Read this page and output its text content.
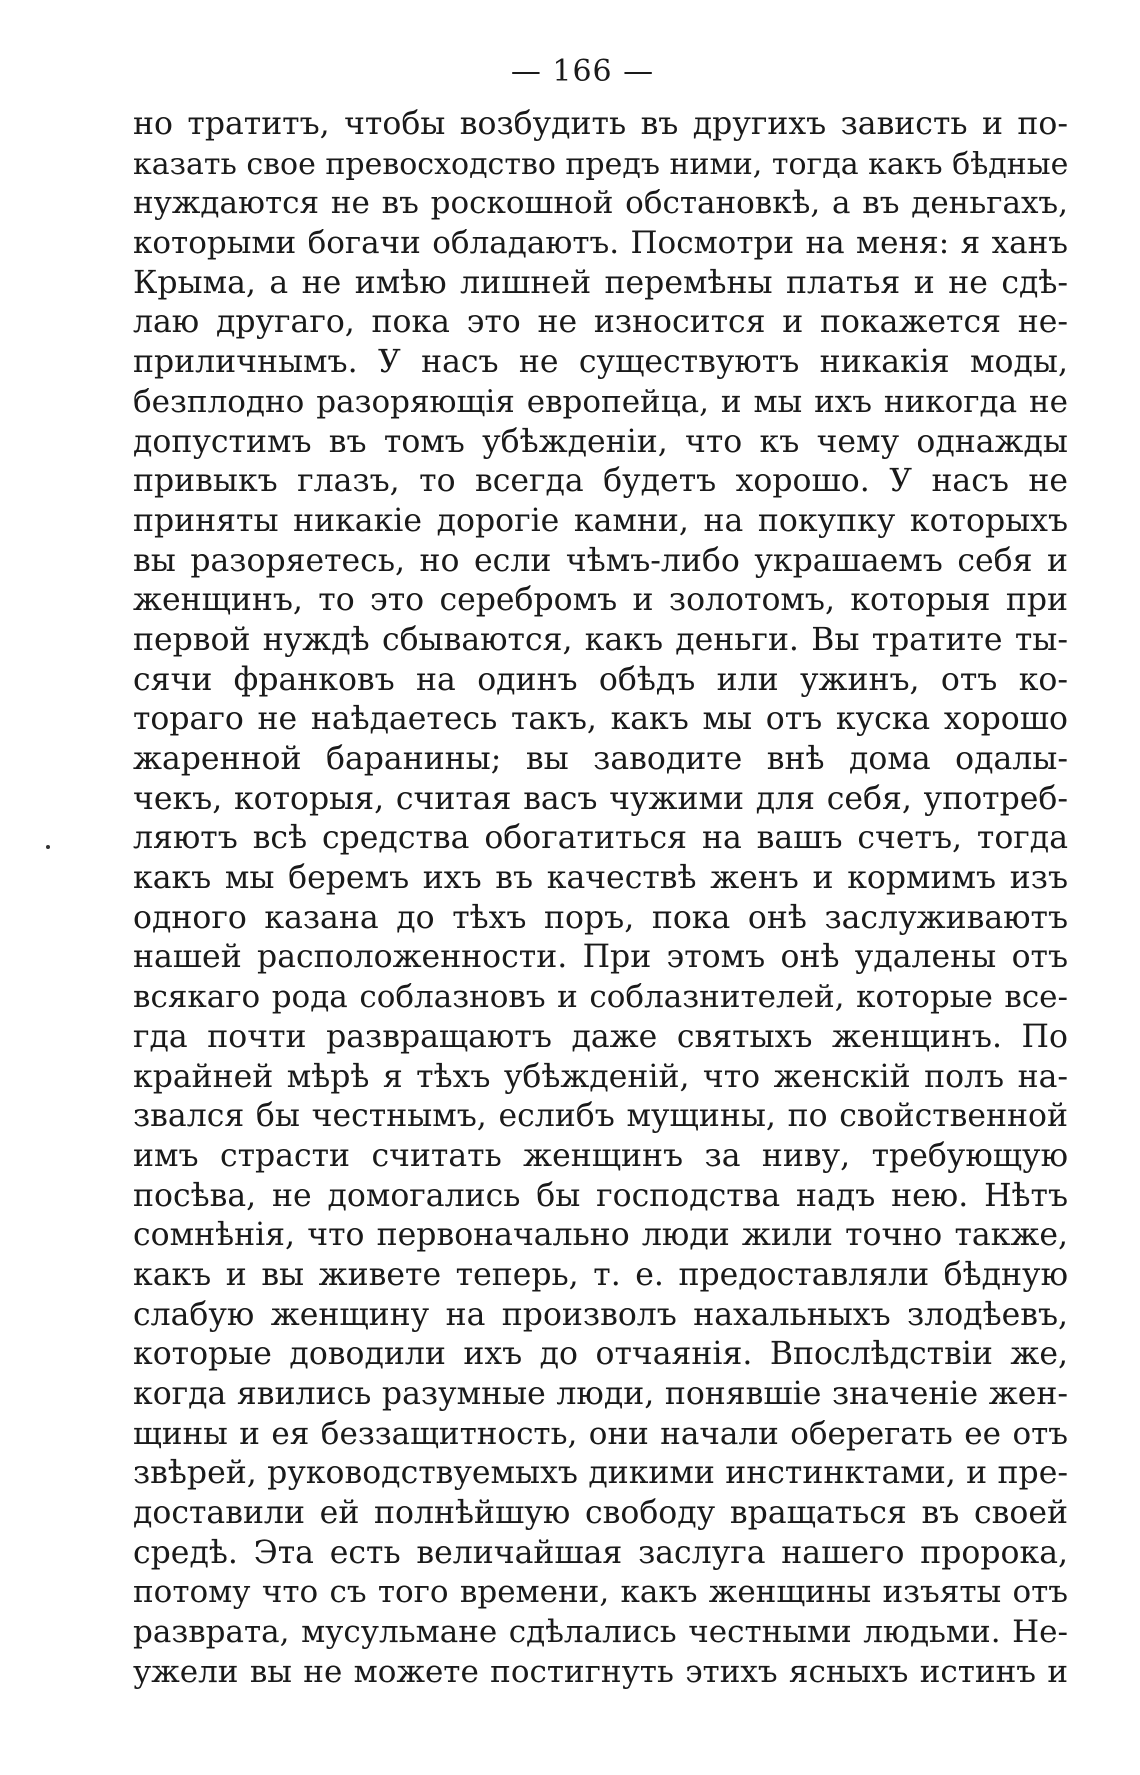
— 166 —
но тратитъ, чтобы возбудить въ другихъ зависть и по-
казать свое превосходство предъ ними, тогда какъ бѣдные
нуждаются не въ роскошной обстановкѣ, а въ деньгахъ,
которыми богачи обладаютъ. Посмотри на меня: я ханъ
Крыма, а не имѣю лишней перемѣны платья и не сдѣ-
лаю другаго, пока это не износится и покажется не-
приличнымъ. У насъ не существуютъ никакія моды,
безплодно разоряющія европейца, и мы ихъ никогда не
допустимъ въ томъ убѣжденіи, что къ чему однажды
привыкъ глазъ, то всегда будетъ хорошо. У насъ не
приняты никакіе дорогіе камни, на покупку которыхъ
вы разоряетесь, но если чѣмъ-либо украшаемъ себя и
женщинъ, то это серебромъ и золотомъ, которыя при
первой нуждѣ сбываются, какъ деньги. Вы тратите ты-
сячи франковъ на одинъ обѣдъ или ужинъ, отъ ко-
тораго не наѣдаетесь такъ, какъ мы отъ куска хорошо
жаренной баранины; вы заводите внѣ дома одалы-
чекъ, которыя, считая васъ чужими для себя, употреб-
ляютъ всѣ средства обогатиться на вашъ счетъ, тогда
какъ мы беремъ ихъ въ качествѣ женъ и кормимъ изъ
одного казана до тѣхъ поръ, пока онѣ заслуживаютъ
нашей расположенности. При этомъ онѣ удалены отъ
всякаго рода соблазновъ и соблазнителей, которые все-
гда почти развращаютъ даже святыхъ женщинъ. По
крайней мѣрѣ я тѣхъ убѣжденій, что женскій полъ на-
звался бы честнымъ, еслибъ мущины, по свойственной
имъ страсти считать женщинъ за ниву, требующую
посѣва, не домогались бы господства надъ нею. Нѣтъ
сомнѣнія, что первоначально люди жили точно также,
какъ и вы живете теперь, т. е. предоставляли бѣдную
слабую женщину на произволъ нахальныхъ злодѣевъ,
которые доводили ихъ до отчаянія. Впослѣдствіи же,
когда явились разумные люди, понявшіе значеніе жен-
щины и ея беззащитность, они начали оберегать ее отъ
звѣрей, руководствуемыхъ дикими инстинктами, и пре-
доставили ей полнѣйшую свободу вращаться въ своей
средѣ. Эта есть величайшая заслуга нашего пророка,
потому что съ того времени, какъ женщины изъяты отъ
разврата, мусульмане сдѣлались честными людьми. Не-
ужели вы не можете постигнуть этихъ ясныхъ истинъ и
